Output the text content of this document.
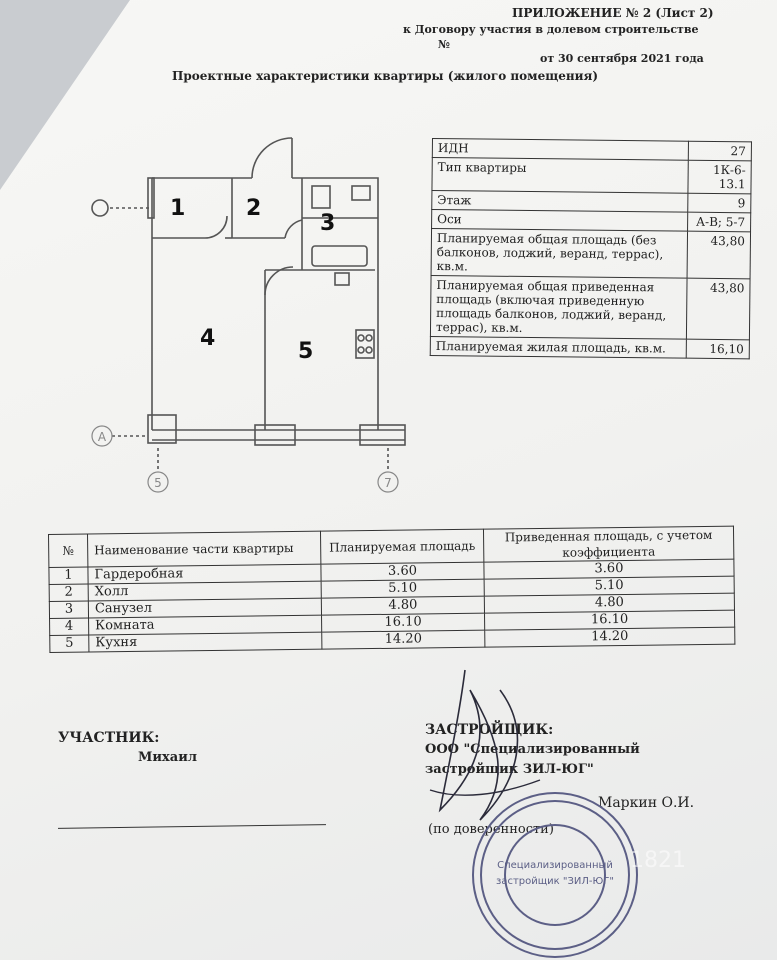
ПРИЛОЖЕНИЕ № 2 (Лист 2)
к Договору участия в долевом строительстве
№
от 30 сентября 2021 года
Проектные характеристики квартиры (жилого помещения)
А
5	7
1	2
3
4
5
ИДН	27
Тип квартиры	1К-6-13.1
Этаж	9
Оси	А-В; 5-7
Планируемая общая площадь (без балконов, лоджий, веранд, террас), кв.м.	43,80
Планируемая общая приведенная площадь (включая приведенную площадь балконов, лоджий, веранд, террас), кв.м.	43,80
Планируемая жилая площадь, кв.м.	16,10
№	Наименование части квартиры	Планируемая площадь	Приведенная площадь, с учетом коэффициента
1	Гардеробная	3.60	3.60
2	Холл	5.10	5.10
3	Санузел	4.80	4.80
4	Комната	16.10	16.10
5	Кухня	14.20	14.20
УЧАСТНИК:
Михаил
ЗАСТРОЙЩИК:
ООО "Специализированный
застройщик ЗИЛ-ЮГ"
Маркин О.И.
(по доверенности)
Специализированный
застройщик "ЗИЛ-ЮГ"
1821
